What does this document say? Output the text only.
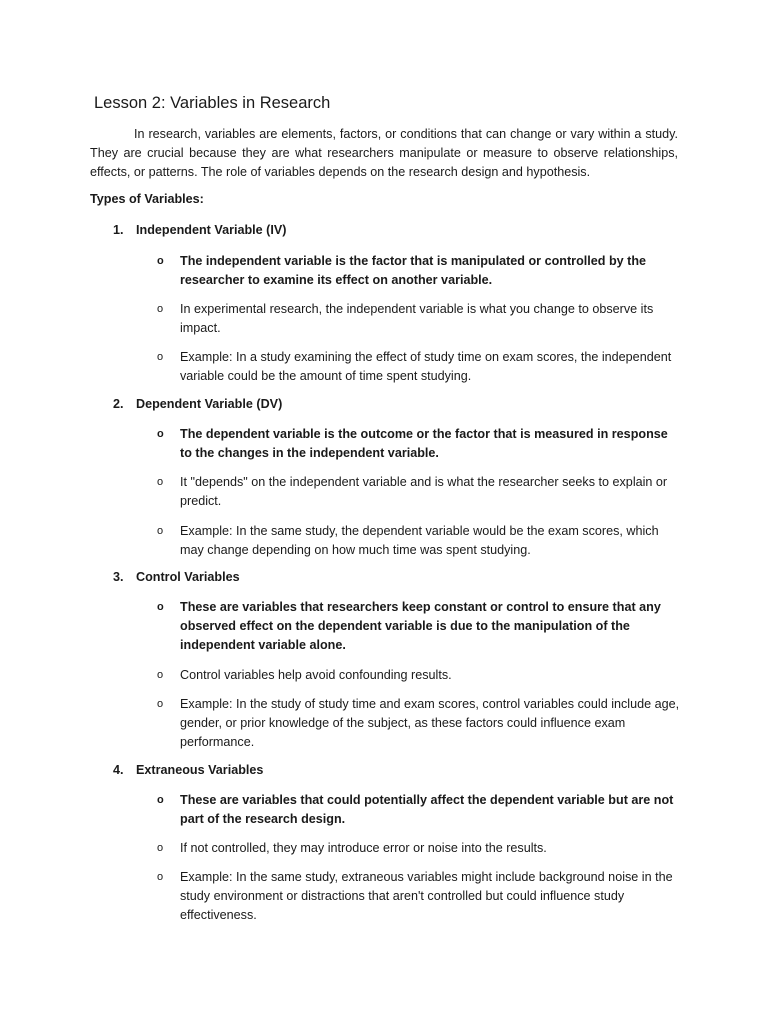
Lesson 2: Variables in Research

In research, variables are elements, factors, or conditions that can change or vary within a study. They are crucial because they are what researchers manipulate or measure to observe relationships, effects, or patterns. The role of variables depends on the research design and hypothesis.

Types of Variables:

1. Independent Variable (IV)

o	The independent variable is the factor that is manipulated or controlled by the researcher to examine its effect on another variable.
o	In experimental research, the independent variable is what you change to observe its impact.
o	Example: In a study examining the effect of study time on exam scores, the independent variable could be the amount of time spent studying.

2. Dependent Variable (DV)

o	The dependent variable is the outcome or the factor that is measured in response to the changes in the independent variable.
o	It "depends" on the independent variable and is what the researcher seeks to explain or predict.
o	Example: In the same study, the dependent variable would be the exam scores, which may change depending on how much time was spent studying.

3. Control Variables

o	These are variables that researchers keep constant or control to ensure that any observed effect on the dependent variable is due to the manipulation of the independent variable alone.
o	Control variables help avoid confounding results.
o	Example: In the study of study time and exam scores, control variables could include age, gender, or prior knowledge of the subject, as these factors could influence exam performance.

4. Extraneous Variables

o	These are variables that could potentially affect the dependent variable but are not part of the research design.
o	If not controlled, they may introduce error or noise into the results.
o	Example: In the same study, extraneous variables might include background noise in the study environment or distractions that aren't controlled but could influence study effectiveness.
